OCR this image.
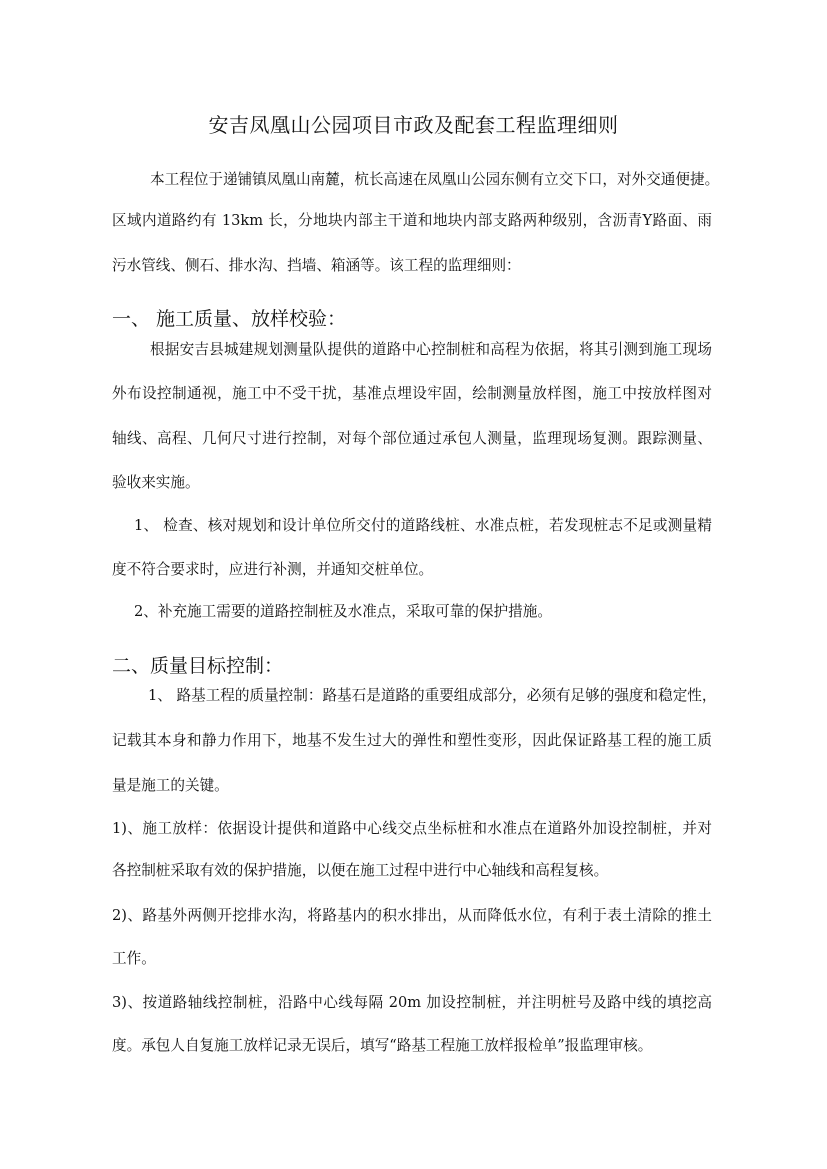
安吉凤凰山公园项目市政及配套工程监理细则
本工程位于递铺镇凤凰山南麓，杭长高速在凤凰山公园东侧有立交下口，对外交通便捷。
区域内道路约有 13km 长，分地块内部主干道和地块内部支路两种级别，含沥青Y路面、雨
污水管线、侧石、排水沟、挡墙、箱涵等。该工程的监理细则：
一、 施工质量、放样校验：
根据安吉县城建规划测量队提供的道路中心控制桩和高程为依据，将其引测到施工现场
外布设控制通视，施工中不受干扰，基准点埋设牢固，绘制测量放样图，施工中按放样图对
轴线、高程、几何尺寸进行控制，对每个部位通过承包人测量，监理现场复测。跟踪测量、
验收来实施。
1、 检查、核对规划和设计单位所交付的道路线桩、水准点桩，若发现桩志不足或测量精
度不符合要求时，应进行补测，并通知交桩单位。
2、补充施工需要的道路控制桩及水准点，采取可靠的保护措施。
二、质量目标控制：
1、 路基工程的质量控制：路基石是道路的重要组成部分，必须有足够的强度和稳定性，
记载其本身和静力作用下，地基不发生过大的弹性和塑性变形，因此保证路基工程的施工质
量是施工的关键。
1)、施工放样：依据设计提供和道路中心线交点坐标桩和水准点在道路外加设控制桩，并对
各控制桩采取有效的保护措施，以便在施工过程中进行中心轴线和高程复核。
2)、路基外两侧开挖排水沟，将路基内的积水排出，从而降低水位，有利于表土清除的推土
工作。
3)、按道路轴线控制桩，沿路中心线每隔 20m 加设控制桩，并注明桩号及路中线的填挖高
度。承包人自复施工放样记录无误后，填写“路基工程施工放样报检单”报监理审核。
